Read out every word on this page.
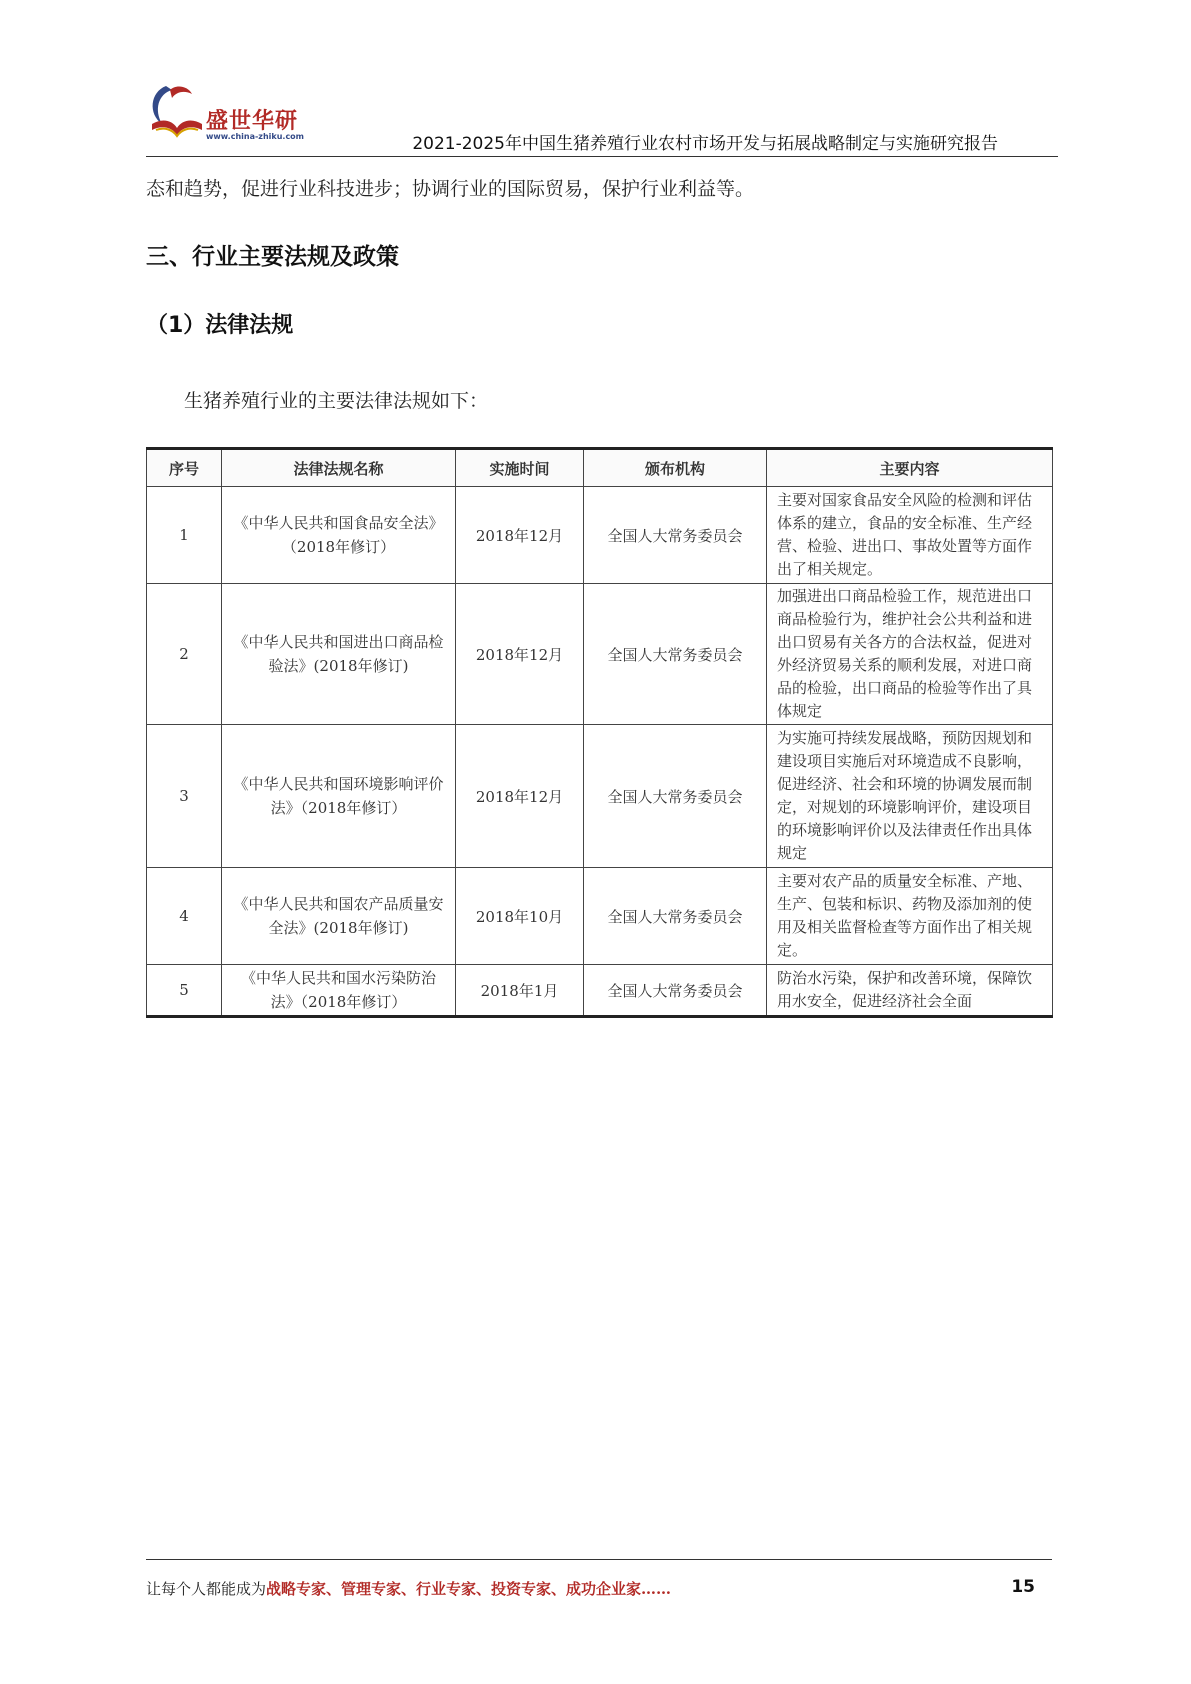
盛世华研
www.china-zhiku.com	2021-2025年中国生猪养殖行业农村市场开发与拓展战略制定与实施研究报告
态和趋势，促进行业科技进步；协调行业的国际贸易，保护行业利益等。
三、行业主要法规及政策
（1）法律法规
生猪养殖行业的主要法律法规如下：
序号	法律法规名称	实施时间	颁布机构	主要内容
1	《中华人民共和国食品安全法》（2018年修订）	2018年12月	全国人大常务委员会	主要对国家食品安全风险的检测和评估体系的建立，食品的安全标准、生产经营、检验、进出口、事故处置等方面作出了相关规定。
2	《中华人民共和国进出口商品检验法》(2018年修订)	2018年12月	全国人大常务委员会	加强进出口商品检验工作，规范进出口商品检验行为，维护社会公共利益和进出口贸易有关各方的合法权益，促进对外经济贸易关系的顺利发展，对进口商品的检验，出口商品的检验等作出了具体规定
3	《中华人民共和国环境影响评价法》（2018年修订）	2018年12月	全国人大常务委员会	为实施可持续发展战略，预防因规划和建设项目实施后对环境造成不良影响，促进经济、社会和环境的协调发展而制定，对规划的环境影响评价，建设项目的环境影响评价以及法律责任作出具体规定
4	《中华人民共和国农产品质量安全法》(2018年修订)	2018年10月	全国人大常务委员会	主要对农产品的质量安全标准、产地、生产、包装和标识、药物及添加剂的使用及相关监督检查等方面作出了相关规定。
5	《中华人民共和国水污染防治法》（2018年修订）	2018年1月	全国人大常务委员会	防治水污染，保护和改善环境，保障饮用水安全，促进经济社会全面
让每个人都能成为战略专家、管理专家、行业专家、投资专家、成功企业家……	15
